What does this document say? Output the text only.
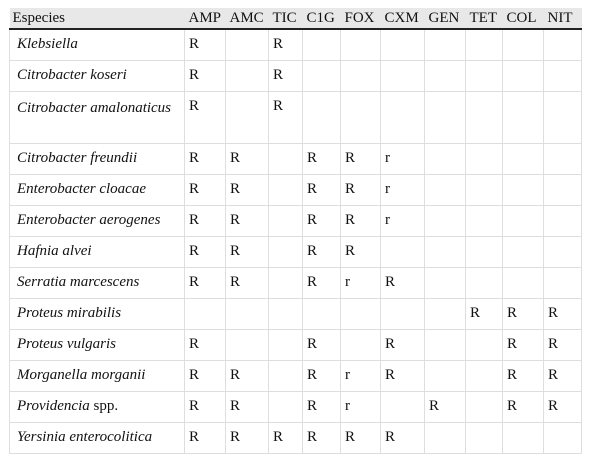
Especies	AMP	AMC	TIC	C1G	FOX	CXM	GEN	TET	COL	NIT
Klebsiella	R		R							
Citrobacter koseri	R		R							
Citrobacter amalonaticus	R		R							
Citrobacter freundii	R	R		R	R	r				
Enterobacter cloacae	R	R		R	R	r				
Enterobacter aerogenes	R	R		R	R	r				
Hafnia alvei	R	R		R	R					
Serratia marcescens	R	R		R	r	R				
Proteus mirabilis								R	R	R
Proteus vulgaris	R			R		R			R	R
Morganella morganii	R	R		R	r	R			R	R
Providencia spp.	R	R		R	r		R		R	R
Yersinia enterocolitica	R	R	R	R	R	R				
